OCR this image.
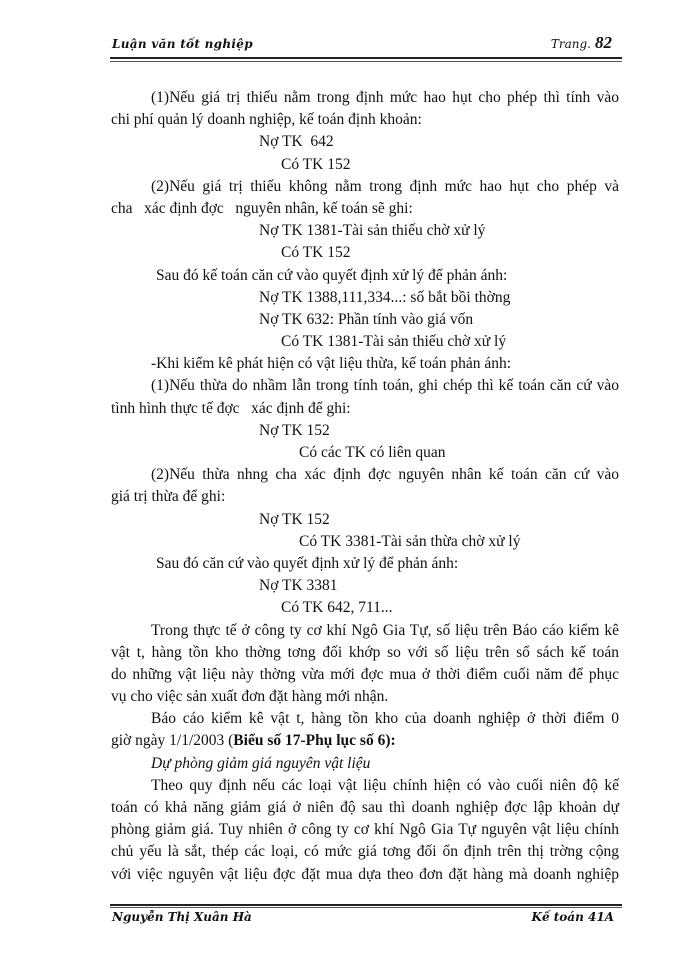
Luận văn tốt nghiệp	Trang. 82
(1)Nếu giá trị thiếu nằm trong định mức hao hụt cho phép thì tính vào
chi phí quản lý doanh nghiệp, kế toán định khoản:
Nợ TK  642
Có TK 152
(2)Nếu giá trị thiếu không nằm trong định mức hao hụt cho phép và
cha   xác định đợc   nguyên nhân, kế toán sẽ ghi:
Nợ TK 1381-Tài sản thiếu chờ xử lý
Có TK 152
Sau đó kế toán căn cứ vào quyết định xử lý để phản ánh:
Nợ TK 1388,111,334...: số bắt bồi thờng
Nợ TK 632: Phần tính vào giá vốn
Có TK 1381-Tài sản thiếu chờ xử lý
-Khi kiểm kê phát hiện có vật liệu thừa, kế toán phản ánh:
(1)Nếu thừa do nhầm lẫn trong tính toán, ghi chép thì kế toán căn cứ vào
tình hình thực tế đợc   xác định để ghi:
Nợ TK 152
Có các TK có liên quan
(2)Nếu thừa nhng cha xác định đợc nguyên nhân kế toán căn cứ vào
giá trị thừa để ghi:
Nợ TK 152
Có TK 3381-Tài sản thừa chờ xử lý
Sau đó căn cứ vào quyết định xử lý để phản ánh:
Nợ TK 3381
Có TK 642, 711...
Trong thực tế ở công ty cơ khí Ngô Gia Tự, số liệu trên Báo cáo kiểm kê
vật t, hàng tồn kho thờng tơng đối khớp so với số liệu trên sổ sách kế toán
do những vật liệu này thờng vừa mới đợc mua ở thời điểm cuối năm để phục
vụ cho việc sản xuất đơn đặt hàng mới nhận.
Báo cáo kiểm kê vật t, hàng tồn kho của doanh nghiệp ở thời điểm 0
giờ ngày 1/1/2003 (Biểu số 17-Phụ lục số 6):
Dự phòng giảm giá nguyên vật liệu
Theo quy định nếu các loại vật liệu chính hiện có vào cuối niên độ kế
toán có khả năng giảm giá ở niên độ sau thì doanh nghiệp đợc lập khoản dự
phòng giảm giá. Tuy nhiên ở công ty cơ khí Ngô Gia Tự nguyên vật liệu chính
chủ yếu là sắt, thép các loại, có mức giá tơng đối ổn định trên thị trờng cộng
với việc nguyên vật liệu đợc đặt mua dựa theo đơn đặt hàng mà doanh nghiệp
Nguyễn Thị Xuân Hà	Kế toán 41A
